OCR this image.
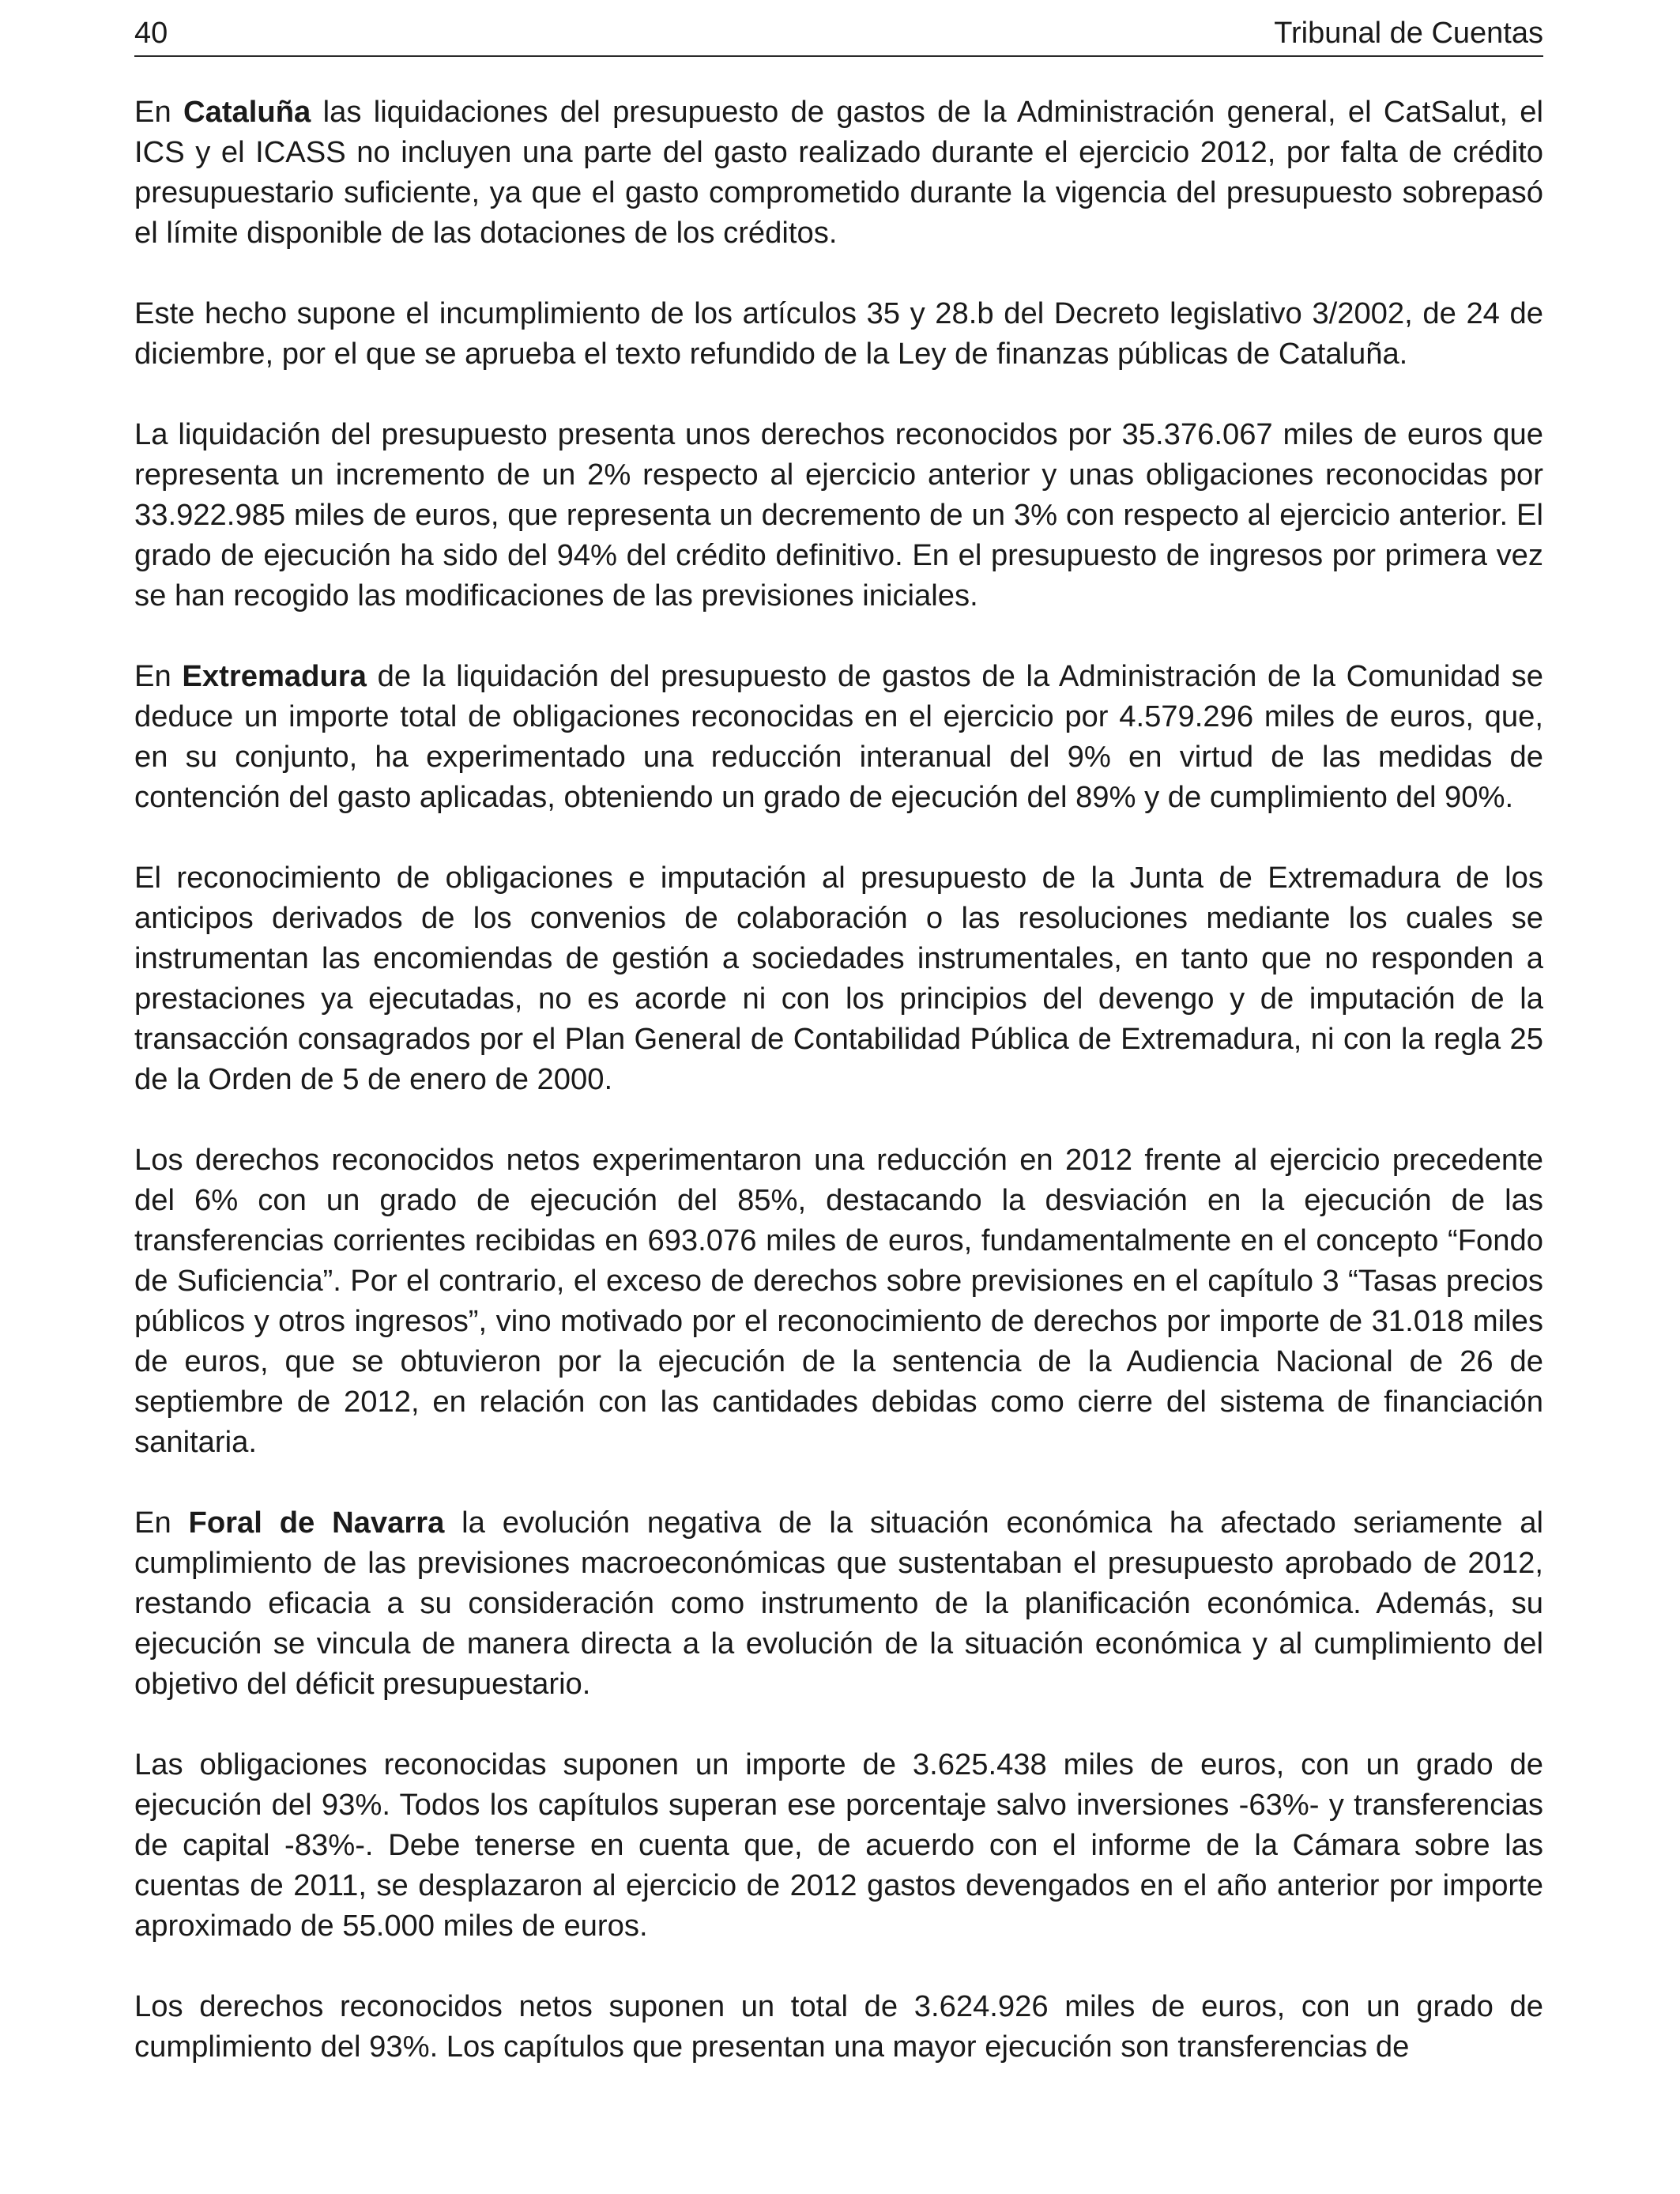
40	Tribunal de Cuentas

En Cataluña las liquidaciones del presupuesto de gastos de la Administración general, el CatSalut, el ICS y el ICASS no incluyen una parte del gasto realizado durante el ejercicio 2012, por falta de crédito presupuestario suficiente, ya que el gasto comprometido durante la vigencia del presupuesto sobrepasó el límite disponible de las dotaciones de los créditos.

Este hecho supone el incumplimiento de los artículos 35 y 28.b del Decreto legislativo 3/2002, de 24 de diciembre, por el que se aprueba el texto refundido de la Ley de finanzas públicas de Cataluña.

La liquidación del presupuesto presenta unos derechos reconocidos por 35.376.067 miles de euros que representa un incremento de un 2% respecto al ejercicio anterior y unas obligaciones reconocidas por 33.922.985 miles de euros, que representa un decremento de un 3% con respecto al ejercicio anterior. El grado de ejecución ha sido del 94% del crédito definitivo. En el presupuesto de ingresos por primera vez se han recogido las modificaciones de las previsiones iniciales.

En Extremadura de la liquidación del presupuesto de gastos de la Administración de la Comunidad se deduce un importe total de obligaciones reconocidas en el ejercicio por 4.579.296 miles de euros, que, en su conjunto, ha experimentado una reducción interanual del 9% en virtud de las medidas de contención del gasto aplicadas, obteniendo un grado de ejecución del 89% y de cumplimiento del 90%.

El reconocimiento de obligaciones e imputación al presupuesto de la Junta de Extremadura de los anticipos derivados de los convenios de colaboración o las resoluciones mediante los cuales se instrumentan las encomiendas de gestión a sociedades instrumentales, en tanto que no responden a prestaciones ya ejecutadas, no es acorde ni con los principios del devengo y de imputación de la transacción consagrados por el Plan General de Contabilidad Pública de Extremadura, ni con la regla 25 de la Orden de 5 de enero de 2000.

Los derechos reconocidos netos experimentaron una reducción en 2012 frente al ejercicio precedente del 6% con un grado de ejecución del 85%, destacando la desviación en la ejecución de las transferencias corrientes recibidas en 693.076 miles de euros, fundamentalmente en el concepto “Fondo de Suficiencia”. Por el contrario, el exceso de derechos sobre previsiones en el capítulo 3 “Tasas precios públicos y otros ingresos”, vino motivado por el reconocimiento de derechos por importe de 31.018 miles de euros, que se obtuvieron por la ejecución de la sentencia de la Audiencia Nacional de 26 de septiembre de 2012, en relación con las cantidades debidas como cierre del sistema de financiación sanitaria.

En Foral de Navarra la evolución negativa de la situación económica ha afectado seriamente al cumplimiento de las previsiones macroeconómicas que sustentaban el presupuesto aprobado de 2012, restando eficacia a su consideración como instrumento de la planificación económica. Además, su ejecución se vincula de manera directa a la evolución de la situación económica y al cumplimiento del objetivo del déficit presupuestario.

Las obligaciones reconocidas suponen un importe de 3.625.438 miles de euros, con un grado de ejecución del 93%. Todos los capítulos superan ese porcentaje salvo inversiones -63%- y transferencias de capital -83%-. Debe tenerse en cuenta que, de acuerdo con el informe de la Cámara sobre las cuentas de 2011, se desplazaron al ejercicio de 2012 gastos devengados en el año anterior por importe aproximado de 55.000 miles de euros.

Los derechos reconocidos netos suponen un total de 3.624.926 miles de euros, con un grado de cumplimiento del 93%. Los capítulos que presentan una mayor ejecución son transferencias de
